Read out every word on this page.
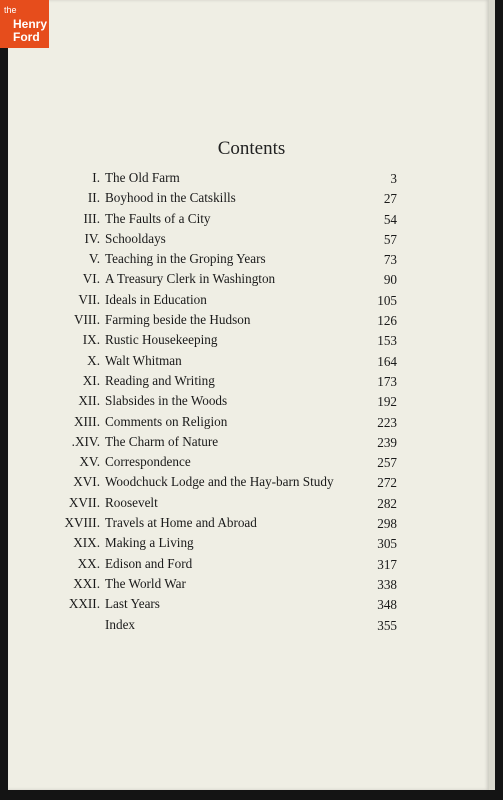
the
Henry
Ford
Contents
I. The Old Farm	3
II. Boyhood in the Catskills	27
III. The Faults of a City	54
IV. Schooldays	57
V. Teaching in the Groping Years	73
VI. A Treasury Clerk in Washington	90
VII. Ideals in Education	105
VIII. Farming beside the Hudson	126
IX. Rustic Housekeeping	153
X. Walt Whitman	164
XI. Reading and Writing	173
XII. Slabsides in the Woods	192
XIII. Comments on Religion	223
.XIV. The Charm of Nature	239
XV. Correspondence	257
XVI. Woodchuck Lodge and the Hay-barn Study	272
XVII. Roosevelt	282
XVIII. Travels at Home and Abroad	298
XIX. Making a Living	305
XX. Edison and Ford	317
XXI. The World War	338
XXII. Last Years	348
Index	355
